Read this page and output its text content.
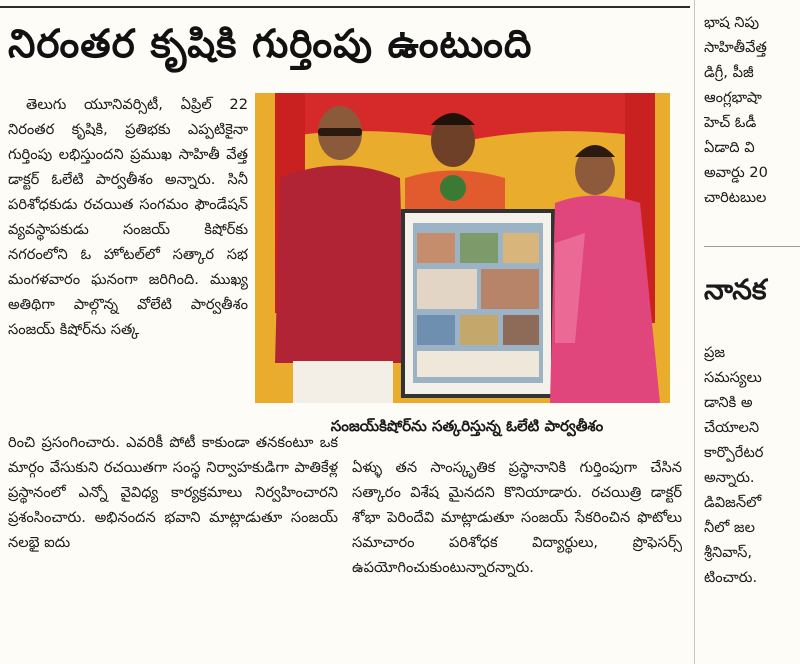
నిరంతర కృషికి గుర్తింపు ఉంటుంది

తెలుగు యూనివర్సిటీ, ఏప్రిల్ 22 నిరంతర కృషికి, ప్రతిభకు ఎప్పటికైనా గుర్తింపు లభిస్తుందని ప్రముఖ సాహితీ వేత్త డాక్టర్ ఓలేటి పార్వతీశం అన్నారు. సినీ పరిశోధకుడు రచయిత సంగమం ఫౌండేషన్ వ్యవస్థాపకుడు సంజయ్ కిషోర్‌కు నగరంలోని ఓ హోటల్‌లో సత్కార సభ మంగళవారం ఘనంగా జరిగింది. ముఖ్య అతిథిగా పాల్గొన్న వోలేటి పార్వతీశం సంజయ్ కిషోర్‌ను సత్క

సంజయ్‌కిషోర్‌ను సత్కరిస్తున్న ఓలేటి పార్వతీశం

రించి ప్రసంగించారు. ఎవరికీ పోటీ కాకుండా తనకంటూ ఒక మార్గం వేసుకుని రచయితగా సంస్థ నిర్వాహకుడిగా పాతికేళ్ల ప్రస్థానంలో ఎన్నో వైవిధ్య కార్యక్రమాలు నిర్వహించారని ప్రశంసించారు. అభినందన భవాని మాట్లాడుతూ సంజయ్ నలభై ఐదు

ఏళ్ళు తన సాంస్కృతిక ప్రస్థానానికి గుర్తింపుగా చేసిన సత్కారం విశేష మైనదని కొనియాడారు. రచయిత్రి డాక్టర్ శోభా పెరిందేవి మాట్లాడుతూ సంజయ్ సేకరించిన ఫొటోలు సమాచారం పరిశోధక విద్యార్థులు, ప్రొఫెసర్స్ ఉపయోగించుకుంటున్నారన్నారు.

భాష నిపు
సాహితీవేత్త
డిగ్రీ, పీజీ
ఆంగ్లభాషా
హెచ్ ఓడీ
ఏడాది వి
అవార్డు 20
చారిటబుల
నానక
ప్రజ
సమస్యలు
డానికి అ
చేయాలని
కార్పొరేటర
అన్నారు.
డివిజన్‌లో
నీలో జల
శ్రీనివాస్,
టించారు.
